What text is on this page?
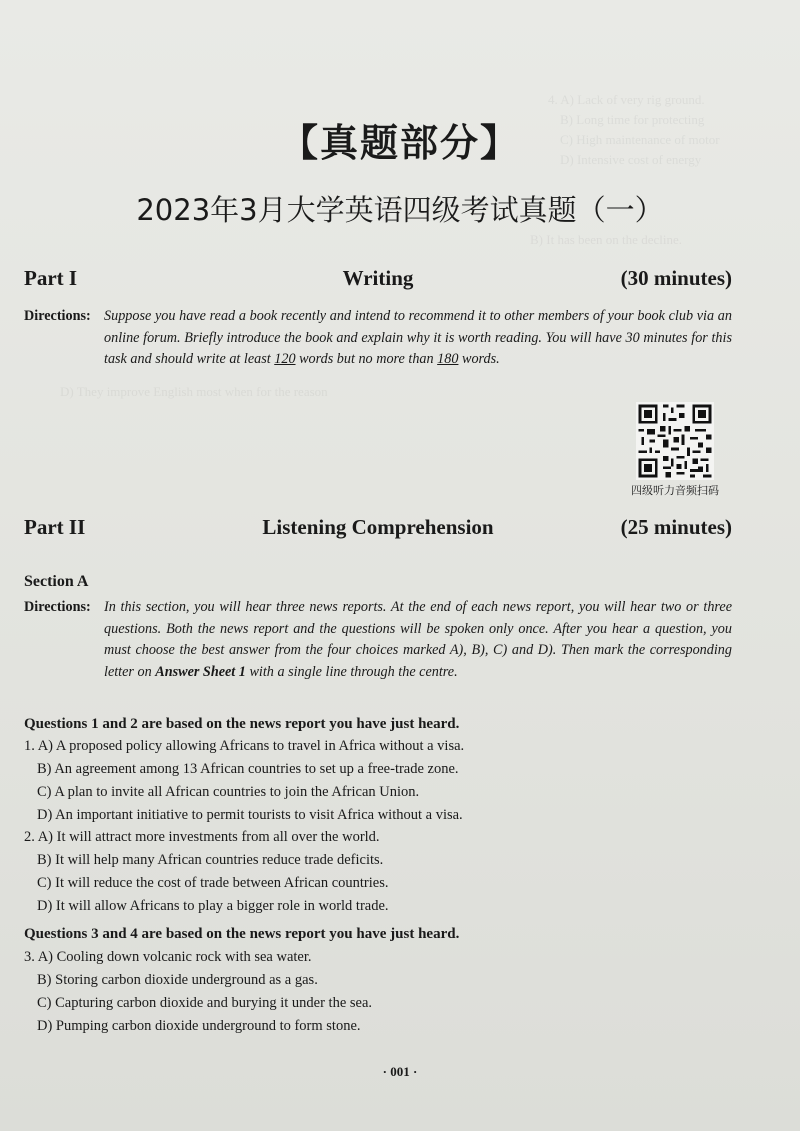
4. A) Lack of very rig ground.
B) Long time for protecting
C) High maintenance of motor
D) Intensive cost of energy
B) It has been on the decline.
D) They improve English most when for the reason
【真题部分】
2023年3月大学英语四级考试真题（一）
Part I	Writing	(30 minutes)
Directions: Suppose you have read a book recently and intend to recommend it to other members of your book club via an online forum. Briefly introduce the book and explain why it is worth reading. You will have 30 minutes for this task and should write at least 120 words but no more than 180 words.
四级听力音频扫码
Part II	Listening Comprehension	(25 minutes)
Section A
Directions: In this section, you will hear three news reports. At the end of each news report, you will hear two or three questions. Both the news report and the questions will be spoken only once. After you hear a question, you must choose the best answer from the four choices marked A), B), C) and D). Then mark the corresponding letter on Answer Sheet 1 with a single line through the centre.
Questions 1 and 2 are based on the news report you have just heard.
1. A) A proposed policy allowing Africans to travel in Africa without a visa.
B) An agreement among 13 African countries to set up a free-trade zone.
C) A plan to invite all African countries to join the African Union.
D) An important initiative to permit tourists to visit Africa without a visa.
2. A) It will attract more investments from all over the world.
B) It will help many African countries reduce trade deficits.
C) It will reduce the cost of trade between African countries.
D) It will allow Africans to play a bigger role in world trade.
Questions 3 and 4 are based on the news report you have just heard.
3. A) Cooling down volcanic rock with sea water.
B) Storing carbon dioxide underground as a gas.
C) Capturing carbon dioxide and burying it under the sea.
D) Pumping carbon dioxide underground to form stone.
· 001 ·
